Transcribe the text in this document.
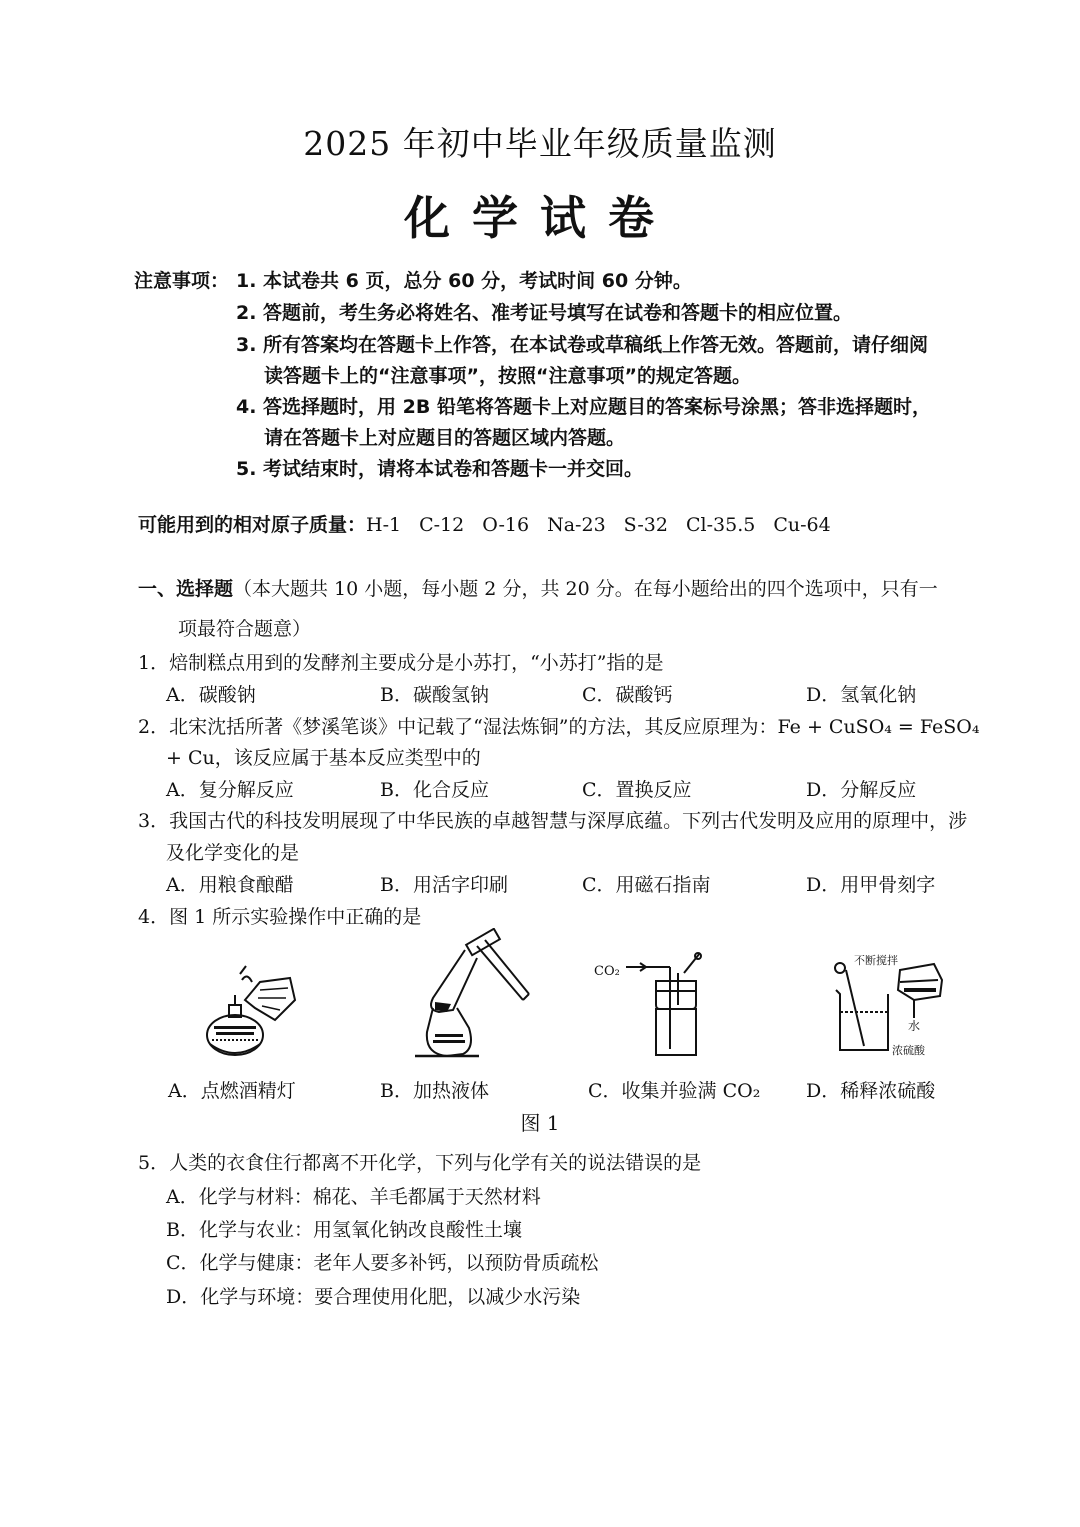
2025 年初中毕业年级质量监测
化学试卷
注意事项： 1. 本试卷共 6 页，总分 60 分，考试时间 60 分钟。
2. 答题前，考生务必将姓名、准考证号填写在试卷和答题卡的相应位置。
3. 所有答案均在答题卡上作答，在本试卷或草稿纸上作答无效。答题前，请仔细阅
读答题卡上的“注意事项”，按照“注意事项”的规定答题。
4. 答选择题时，用 2B 铅笔将答题卡上对应题目的答案标号涂黑；答非选择题时，
请在答题卡上对应题目的答题区域内答题。
5. 考试结束时，请将本试卷和答题卡一并交回。
可能用到的相对原子质量：H-1 C-12 O-16 Na-23 S-32 Cl-35.5 Cu-64
一、选择题（本大题共 10 小题，每小题 2 分，共 20 分。在每小题给出的四个选项中，只有一
项最符合题意）
1．焙制糕点用到的发酵剂主要成分是小苏打，“小苏打”指的是
A．碳酸钠	B．碳酸氢钠	C．碳酸钙	D．氢氧化钠
2．北宋沈括所著《梦溪笔谈》中记载了“湿法炼铜”的方法，其反应原理为：Fe + CuSO₄ = FeSO₄
+ Cu，该反应属于基本反应类型中的
A．复分解反应	B．化合反应	C．置换反应	D．分解反应
3．我国古代的科技发明展现了中华民族的卓越智慧与深厚底蕴。下列古代发明及应用的原理中，涉
及化学变化的是
A．用粮食酿醋	B．用活字印刷	C．用磁石指南	D．用甲骨刻字
4．图 1 所示实验操作中正确的是
CO₂
不断搅拌
水
浓硫酸
A．点燃酒精灯	B．加热液体	C．收集并验满 CO₂ D．稀释浓硫酸
图 1
5．人类的衣食住行都离不开化学，下列与化学有关的说法错误的是
A．化学与材料：棉花、羊毛都属于天然材料
B．化学与农业：用氢氧化钠改良酸性土壤
C．化学与健康：老年人要多补钙，以预防骨质疏松
D．化学与环境：要合理使用化肥，以减少水污染
